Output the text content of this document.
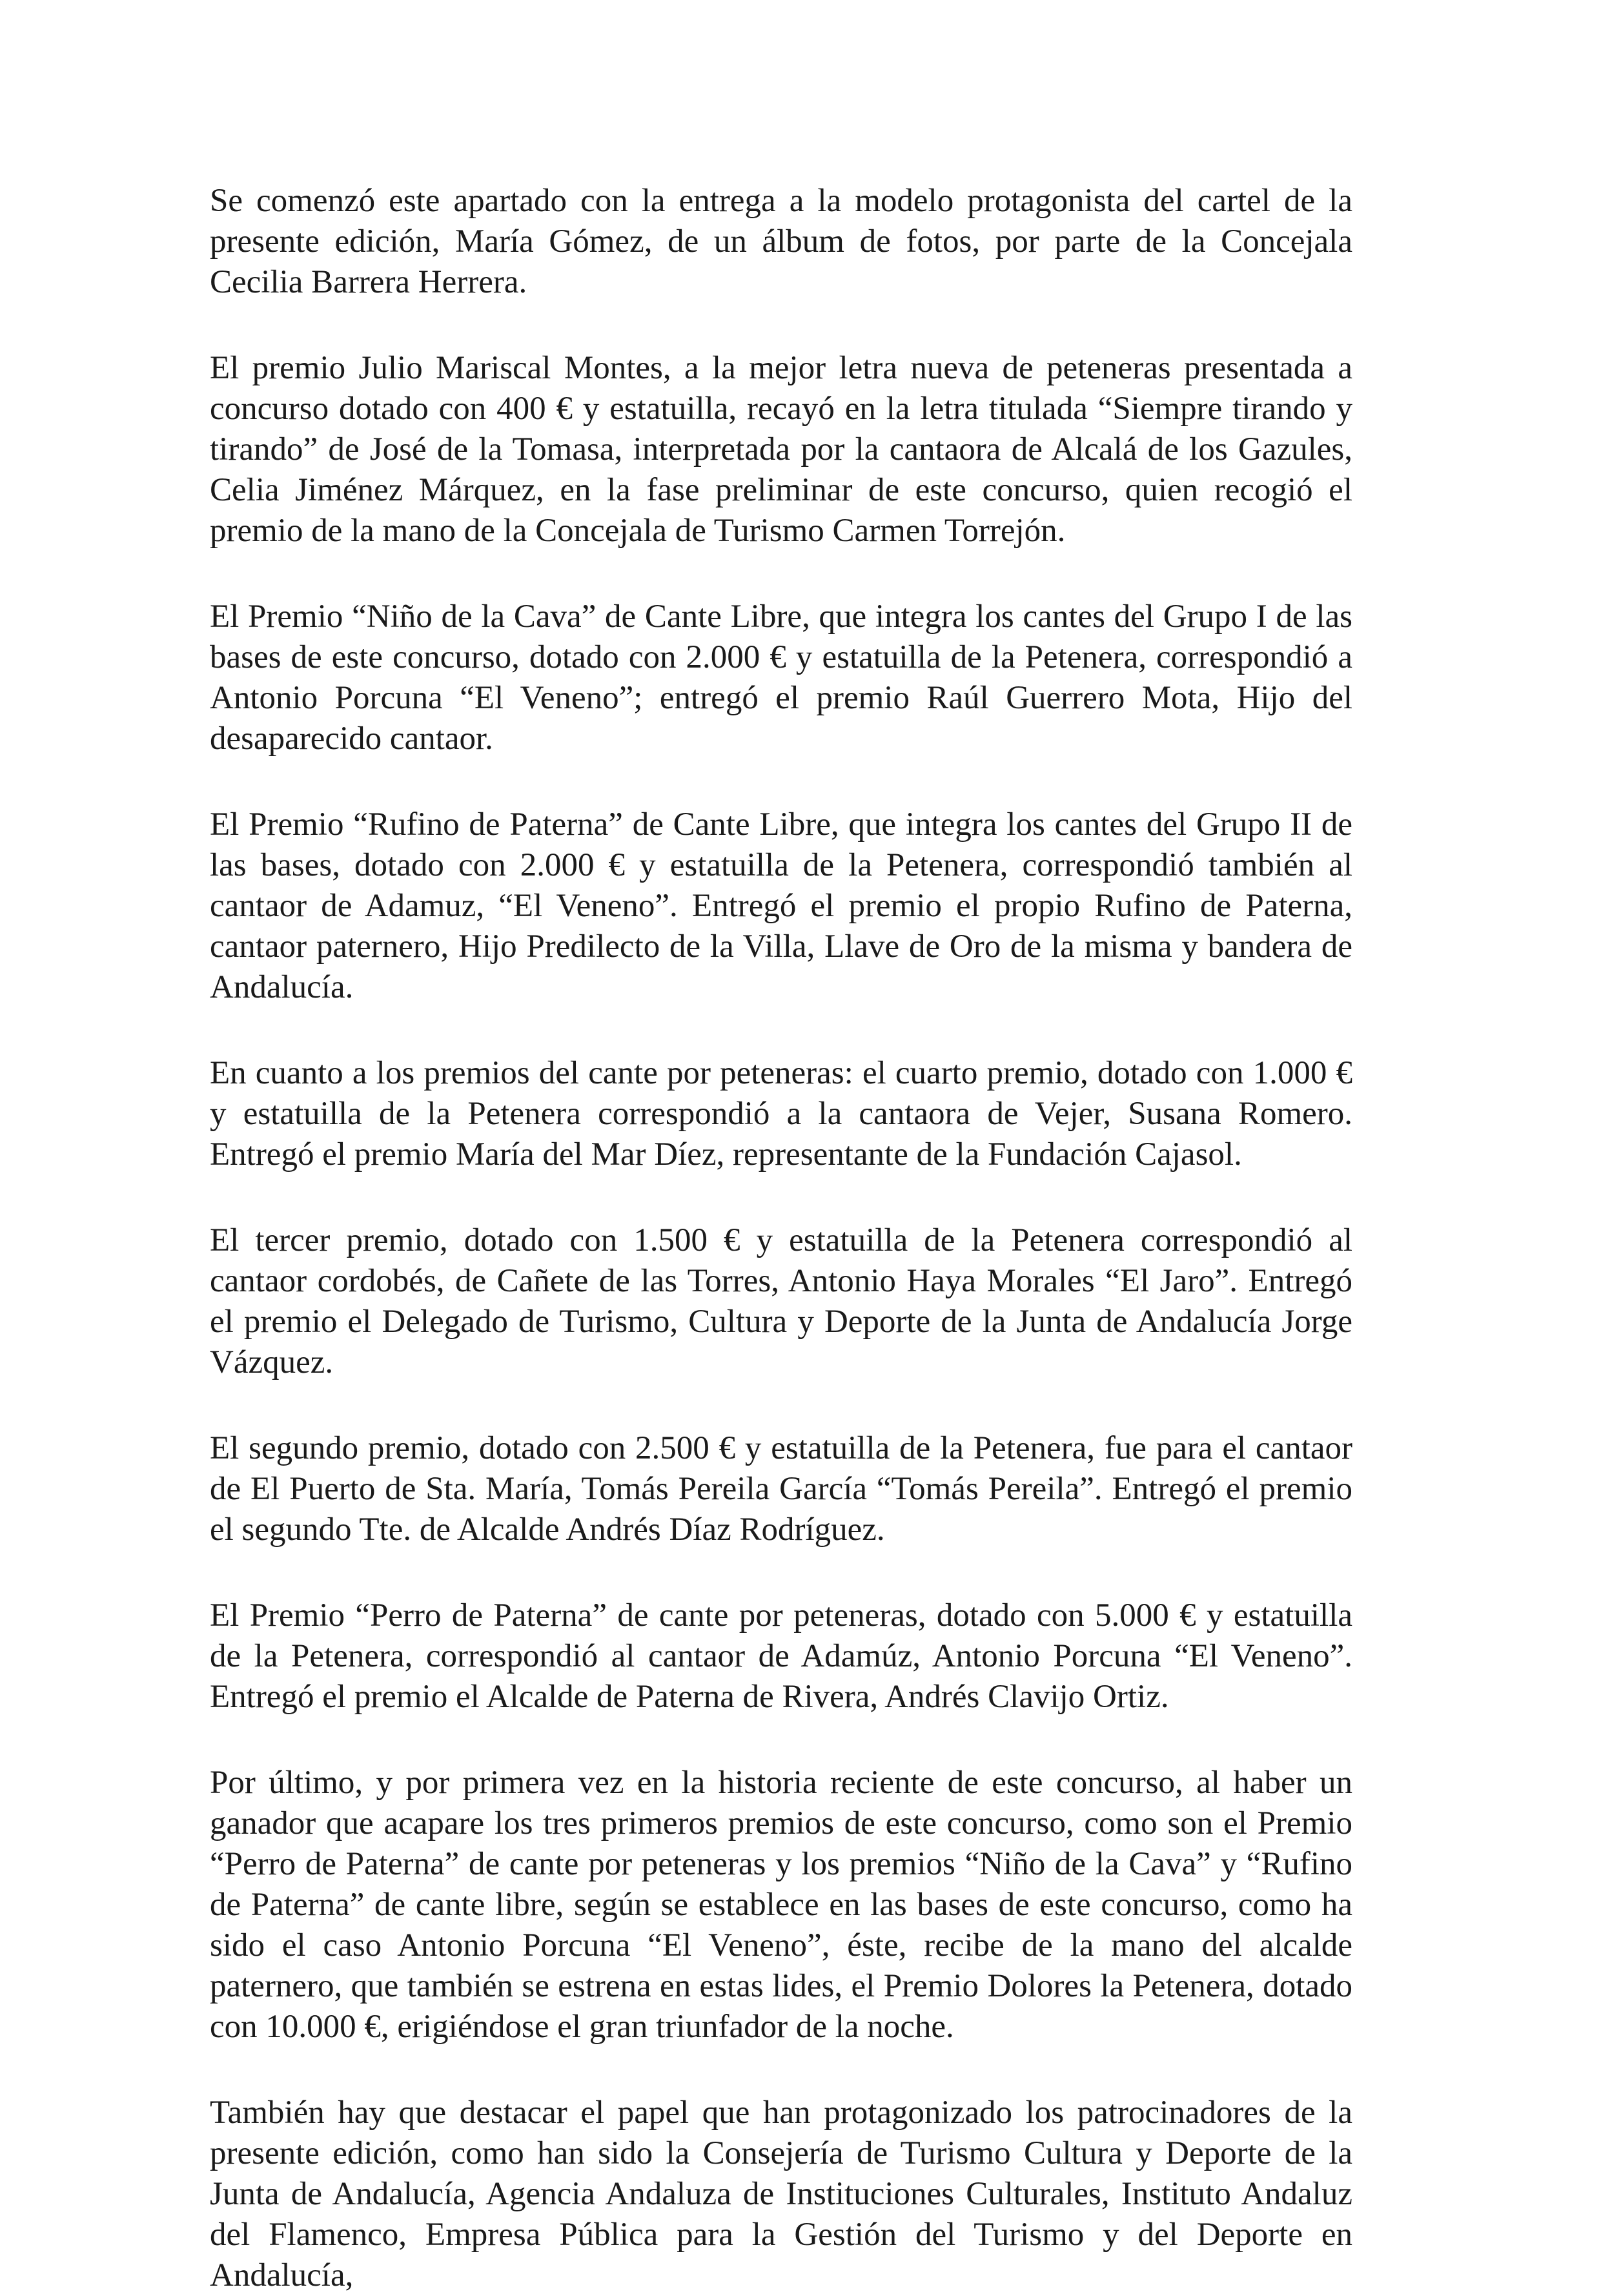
Se comenzó este apartado con la entrega a la modelo protagonista del cartel de la presente edición, María Gómez, de un álbum de fotos, por parte de la Concejala Cecilia Barrera Herrera.

El premio Julio Mariscal Montes, a la mejor letra nueva de peteneras presentada a concurso dotado con 400 € y estatuilla, recayó en la letra titulada “Siempre tirando y tirando” de José de la Tomasa, interpretada por la cantaora de Alcalá de los Gazules, Celia Jiménez Márquez, en la fase preliminar de este concurso, quien recogió el premio de la mano de la Concejala de Turismo Carmen Torrejón.

El Premio “Niño de la Cava” de Cante Libre, que integra los cantes del Grupo I de las bases de este concurso, dotado con 2.000 € y estatuilla de la Petenera, correspondió a Antonio Porcuna “El Veneno”; entregó el premio Raúl Guerrero Mota, Hijo del desaparecido cantaor.

El Premio “Rufino de Paterna” de Cante Libre, que integra los cantes del Grupo II de las bases, dotado con 2.000 € y estatuilla de la Petenera, correspondió también al cantaor de Adamuz, “El Veneno”. Entregó el premio el propio Rufino de Paterna, cantaor paternero, Hijo Predilecto de la Villa, Llave de Oro de la misma y bandera de Andalucía.

En cuanto a los premios del cante por peteneras: el cuarto premio, dotado con 1.000 € y estatuilla de la Petenera correspondió a la cantaora de Vejer, Susana Romero. Entregó el premio María del Mar Díez, representante de la Fundación Cajasol.

El tercer premio, dotado con 1.500 € y estatuilla de la Petenera correspondió al cantaor cordobés, de Cañete de las Torres, Antonio Haya Morales “El Jaro”. Entregó el premio el Delegado de Turismo, Cultura y Deporte de la Junta de Andalucía Jorge Vázquez.

El segundo premio, dotado con 2.500 € y estatuilla de la Petenera, fue para el cantaor de El Puerto de Sta. María, Tomás Pereila García “Tomás Pereila”. Entregó el premio el segundo Tte. de Alcalde Andrés Díaz Rodríguez.

El Premio “Perro de Paterna” de cante por peteneras, dotado con 5.000 € y estatuilla de la Petenera, correspondió al cantaor de Adamúz, Antonio Porcuna “El Veneno”. Entregó el premio el Alcalde de Paterna de Rivera, Andrés Clavijo Ortiz.

Por último, y por primera vez en la historia reciente de este concurso, al haber un ganador que acapare los tres primeros premios de este concurso, como son el Premio “Perro de Paterna” de cante por peteneras y los premios “Niño de la Cava” y “Rufino de Paterna” de cante libre, según se establece en las bases de este concurso, como ha sido el caso Antonio Porcuna “El Veneno”, éste, recibe de la mano del alcalde paternero, que también se estrena en estas lides, el Premio Dolores la Petenera, dotado con 10.000 €, erigiéndose el gran triunfador de la noche.

También hay que destacar el papel que han protagonizado los patrocinadores de la presente edición, como han sido la Consejería de Turismo Cultura y Deporte de la Junta de Andalucía, Agencia Andaluza de Instituciones Culturales, Instituto Andaluz del Flamenco, Empresa Pública para la Gestión del Turismo y del Deporte en Andalucía,
